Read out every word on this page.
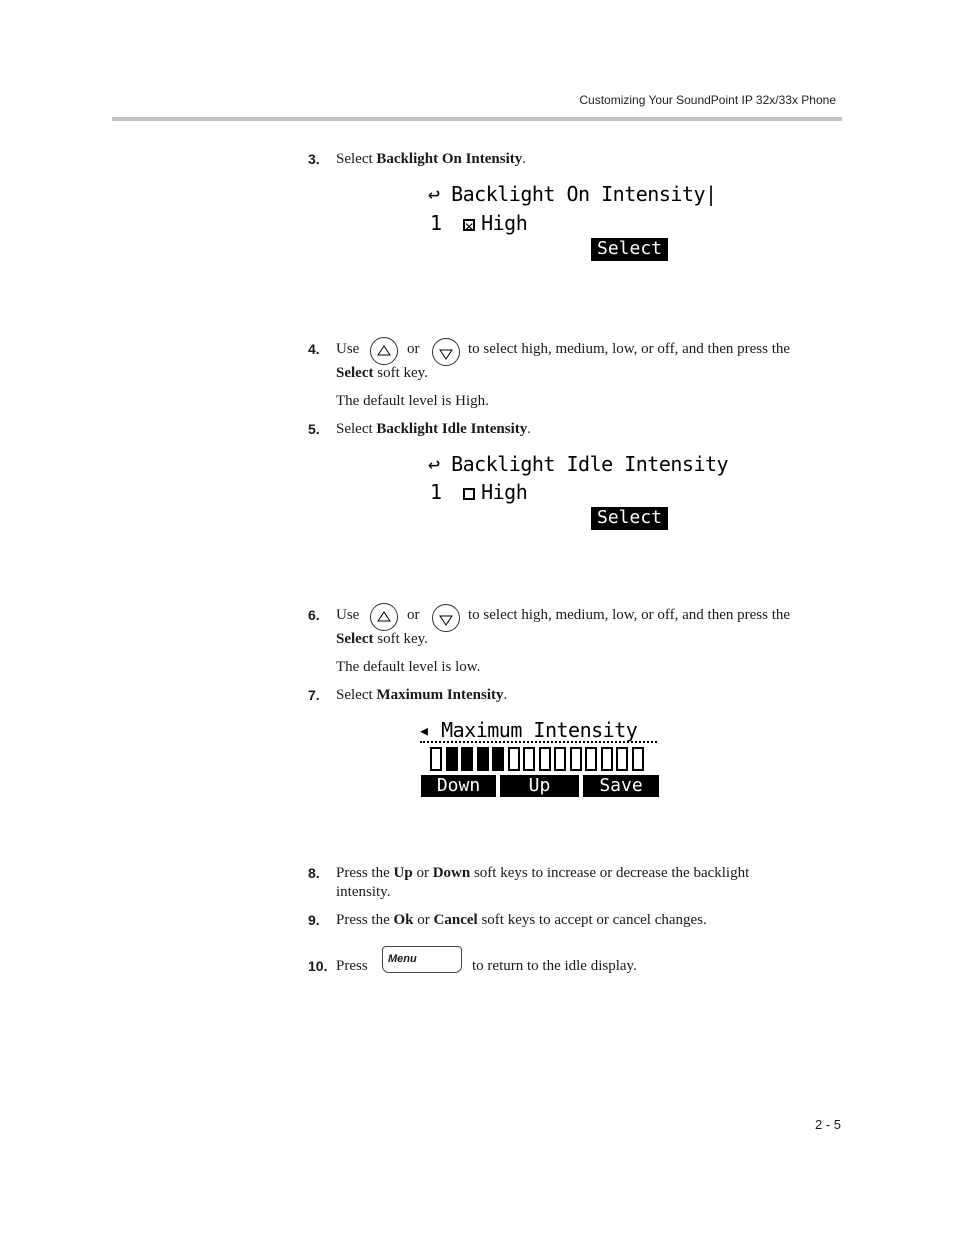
Customizing Your SoundPoint IP 32x/33x Phone
3. Select Backlight On Intensity.
↩ Backlight On Intensity|
1 ✕ High
Select
4. Use	or	to select high, medium, low, or off, and then press the
Select soft key.
The default level is High.
5. Select Backlight Idle Intensity.
↩ Backlight Idle Intensity
1 High
Select
6. Use	or	to select high, medium, low, or off, and then press the
Select soft key.
The default level is low.
7. Select Maximum Intensity.
◂ Maximum Intensity
Down	Up	Save
8. Press the Up or Down soft keys to increase or decrease the backlight
intensity.
9. Press the Ok or Cancel soft keys to accept or cancel changes.
10. Press	to return to the idle display.
Menu
2 - 5
